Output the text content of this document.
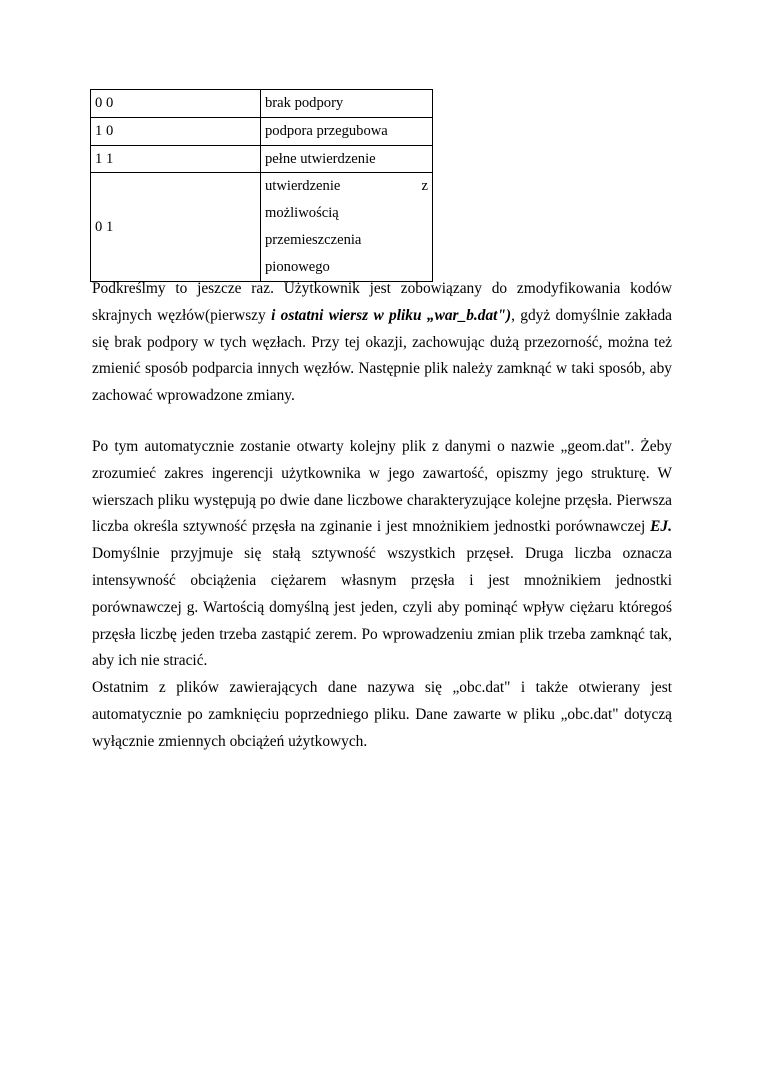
0 0	brak podpory
1 0	podpora przegubowa
1 1	pełne utwierdzenie
0 1	utwierdzenie z
możliwością
przemieszczenia
pionowego

Podkreślmy to jeszcze raz. Użytkownik jest zobowiązany do zmodyfikowania kodów skrajnych węzłów(pierwszy i ostatni wiersz w pliku „war_b.dat"), gdyż domyślnie zakłada się brak podpory w tych węzłach. Przy tej okazji, zachowując dużą przezorność, można też zmienić sposób podparcia innych węzłów. Następnie plik należy zamknąć w taki sposób, aby zachować wprowadzone zmiany.

Po tym automatycznie zostanie otwarty kolejny plik z danymi o nazwie „geom.dat". Żeby zrozumieć zakres ingerencji użytkownika w jego zawartość, opiszmy jego strukturę. W wierszach pliku występują po dwie dane liczbowe charakteryzujące kolejne przęsła. Pierwsza liczba określa sztywność przęsła na zginanie i jest mnożnikiem jednostki porównawczej EJ. Domyślnie przyjmuje się stałą sztywność wszystkich przęseł. Druga liczba oznacza intensywność obciążenia ciężarem własnym przęsła i jest mnożnikiem jednostki porównawczej g. Wartością domyślną jest jeden, czyli aby pominąć wpływ ciężaru któregoś przęsła liczbę jeden trzeba zastąpić zerem. Po wprowadzeniu zmian plik trzeba zamknąć tak, aby ich nie stracić.

Ostatnim z plików zawierających dane nazywa się „obc.dat" i także otwierany jest automatycznie po zamknięciu poprzedniego pliku. Dane zawarte w pliku „obc.dat" dotyczą wyłącznie zmiennych obciążeń użytkowych.
